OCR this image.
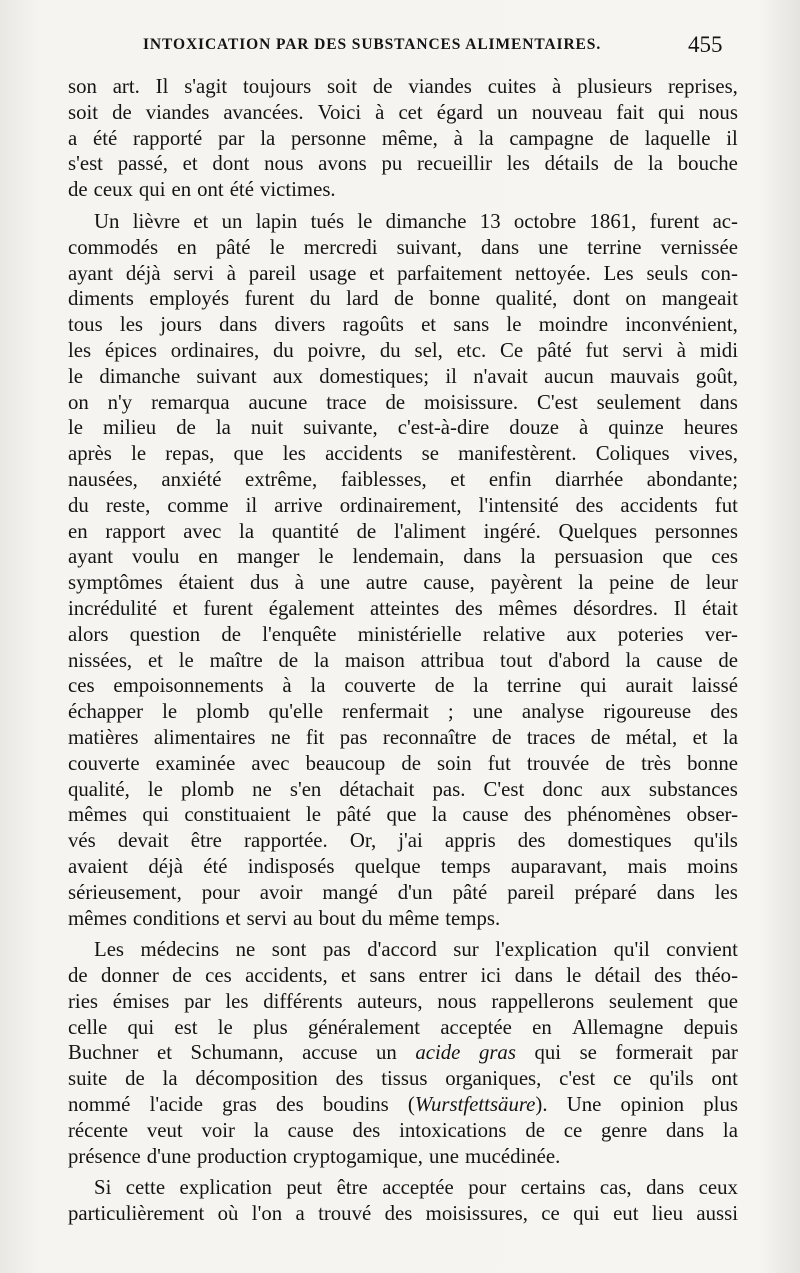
INTOXICATION PAR DES SUBSTANCES ALIMENTAIRES.	455
son art. Il s'agit toujours soit de viandes cuites à plusieurs reprises,
soit de viandes avancées. Voici à cet égard un nouveau fait qui nous
a été rapporté par la personne même, à la campagne de laquelle il
s'est passé, et dont nous avons pu recueillir les détails de la bouche
de ceux qui en ont été victimes.
Un lièvre et un lapin tués le dimanche 13 octobre 1861, furent ac-
commodés en pâté le mercredi suivant, dans une terrine vernissée
ayant déjà servi à pareil usage et parfaitement nettoyée. Les seuls con-
diments employés furent du lard de bonne qualité, dont on mangeait
tous les jours dans divers ragoûts et sans le moindre inconvénient,
les épices ordinaires, du poivre, du sel, etc. Ce pâté fut servi à midi
le dimanche suivant aux domestiques; il n'avait aucun mauvais goût,
on n'y remarqua aucune trace de moisissure. C'est seulement dans
le milieu de la nuit suivante, c'est-à-dire douze à quinze heures
après le repas, que les accidents se manifestèrent. Coliques vives,
nausées, anxiété extrême, faiblesses, et enfin diarrhée abondante;
du reste, comme il arrive ordinairement, l'intensité des accidents fut
en rapport avec la quantité de l'aliment ingéré. Quelques personnes
ayant voulu en manger le lendemain, dans la persuasion que ces
symptômes étaient dus à une autre cause, payèrent la peine de leur
incrédulité et furent également atteintes des mêmes désordres. Il était
alors question de l'enquête ministérielle relative aux poteries ver-
nissées, et le maître de la maison attribua tout d'abord la cause de
ces empoisonnements à la couverte de la terrine qui aurait laissé
échapper le plomb qu'elle renfermait ; une analyse rigoureuse des
matières alimentaires ne fit pas reconnaître de traces de métal, et la
couverte examinée avec beaucoup de soin fut trouvée de très bonne
qualité, le plomb ne s'en détachait pas. C'est donc aux substances
mêmes qui constituaient le pâté que la cause des phénomènes obser-
vés devait être rapportée. Or, j'ai appris des domestiques qu'ils
avaient déjà été indisposés quelque temps auparavant, mais moins
sérieusement, pour avoir mangé d'un pâté pareil préparé dans les
mêmes conditions et servi au bout du même temps.
Les médecins ne sont pas d'accord sur l'explication qu'il convient
de donner de ces accidents, et sans entrer ici dans le détail des théo-
ries émises par les différents auteurs, nous rappellerons seulement que
celle qui est le plus généralement acceptée en Allemagne depuis
Buchner et Schumann, accuse un acide gras qui se formerait par
suite de la décomposition des tissus organiques, c'est ce qu'ils ont
nommé l'acide gras des boudins (Wurstfettsäure). Une opinion plus
récente veut voir la cause des intoxications de ce genre dans la
présence d'une production cryptogamique, une mucédinée.
Si cette explication peut être acceptée pour certains cas, dans ceux
particulièrement où l'on a trouvé des moisissures, ce qui eut lieu aussi
